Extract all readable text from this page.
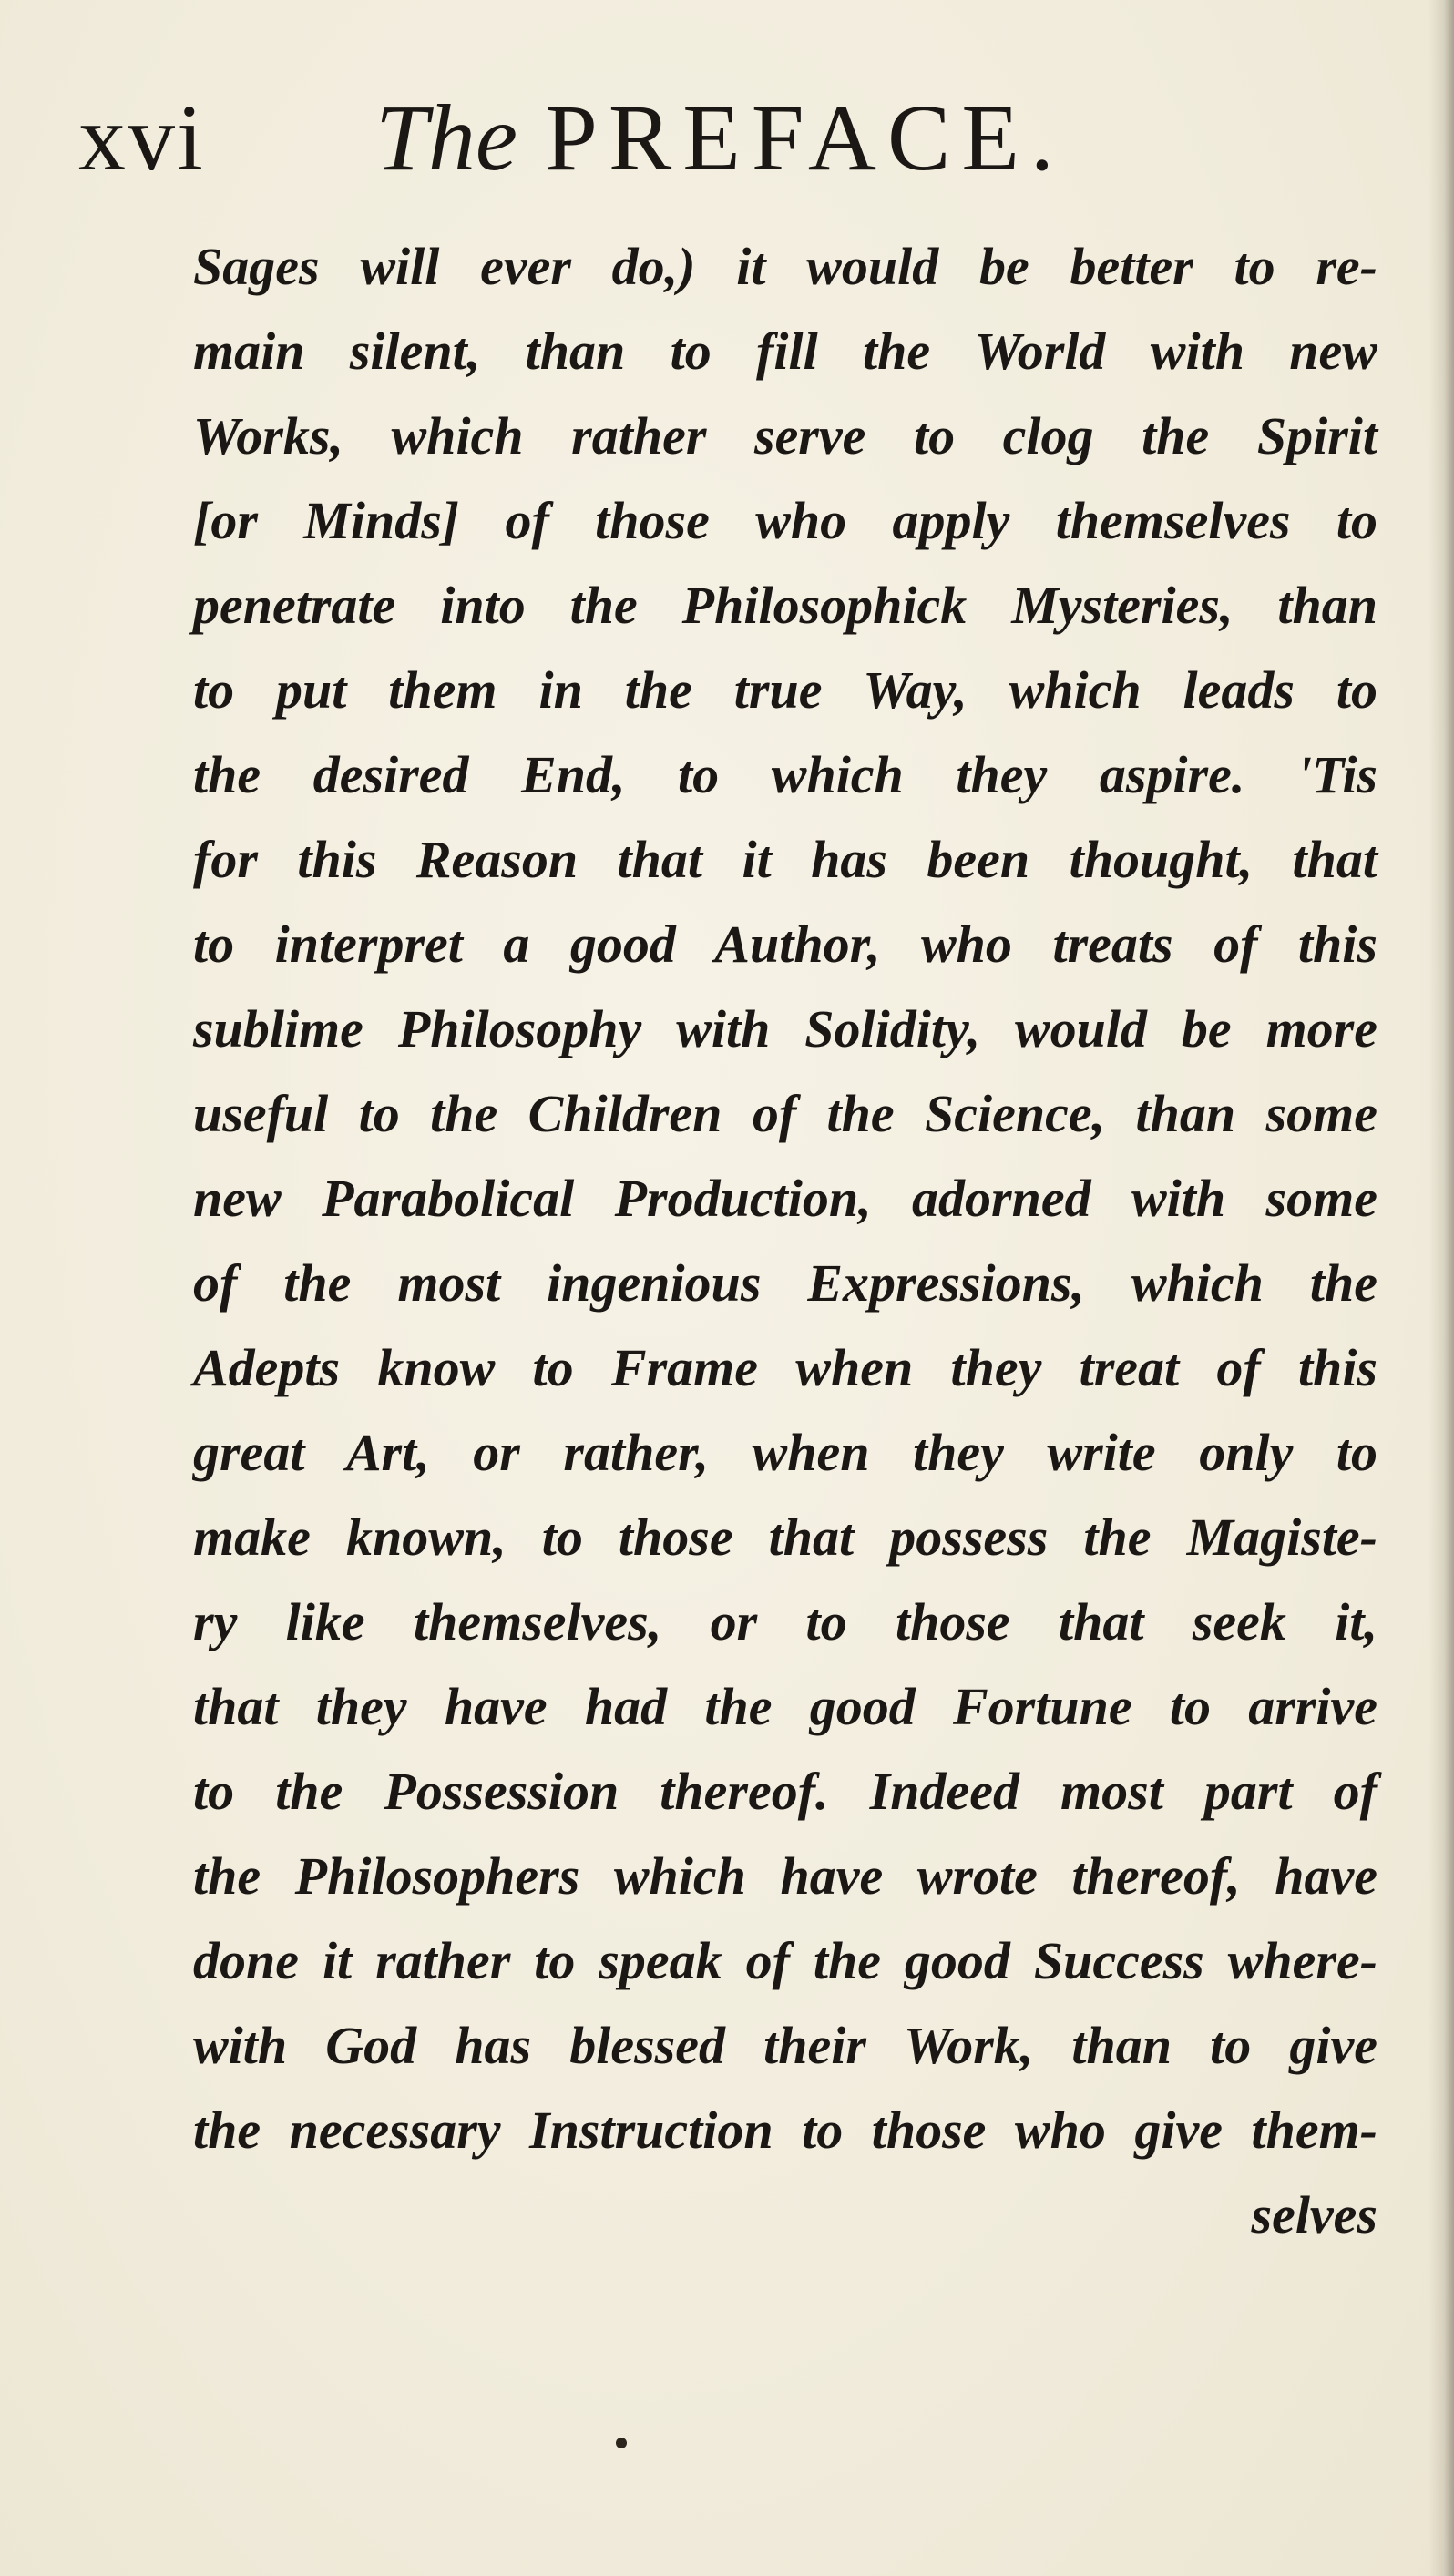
xvi The PREFACE.
Sages will ever do,) it would be better to re-
main silent, than to fill the World with new
Works, which rather serve to clog the Spirit
[or Minds] of those who apply themselves to
penetrate into the Philosophick Mysteries, than
to put them in the true Way, which leads to
the desired End, to which they aspire. 'Tis
for this Reason that it has been thought, that
to interpret a good Author, who treats of this
sublime Philosophy with Solidity, would be more
useful to the Children of the Science, than some
new Parabolical Production, adorned with some
of the most ingenious Expressions, which the
Adepts know to Frame when they treat of this
great Art, or rather, when they write only to
make known, to those that possess the Magiste-
ry like themselves, or to those that seek it,
that they have had the good Fortune to arrive
to the Possession thereof. Indeed most part of
the Philosophers which have wrote thereof, have
done it rather to speak of the good Success where-
with God has blessed their Work, than to give
the necessary Instruction to those who give them-
selves
